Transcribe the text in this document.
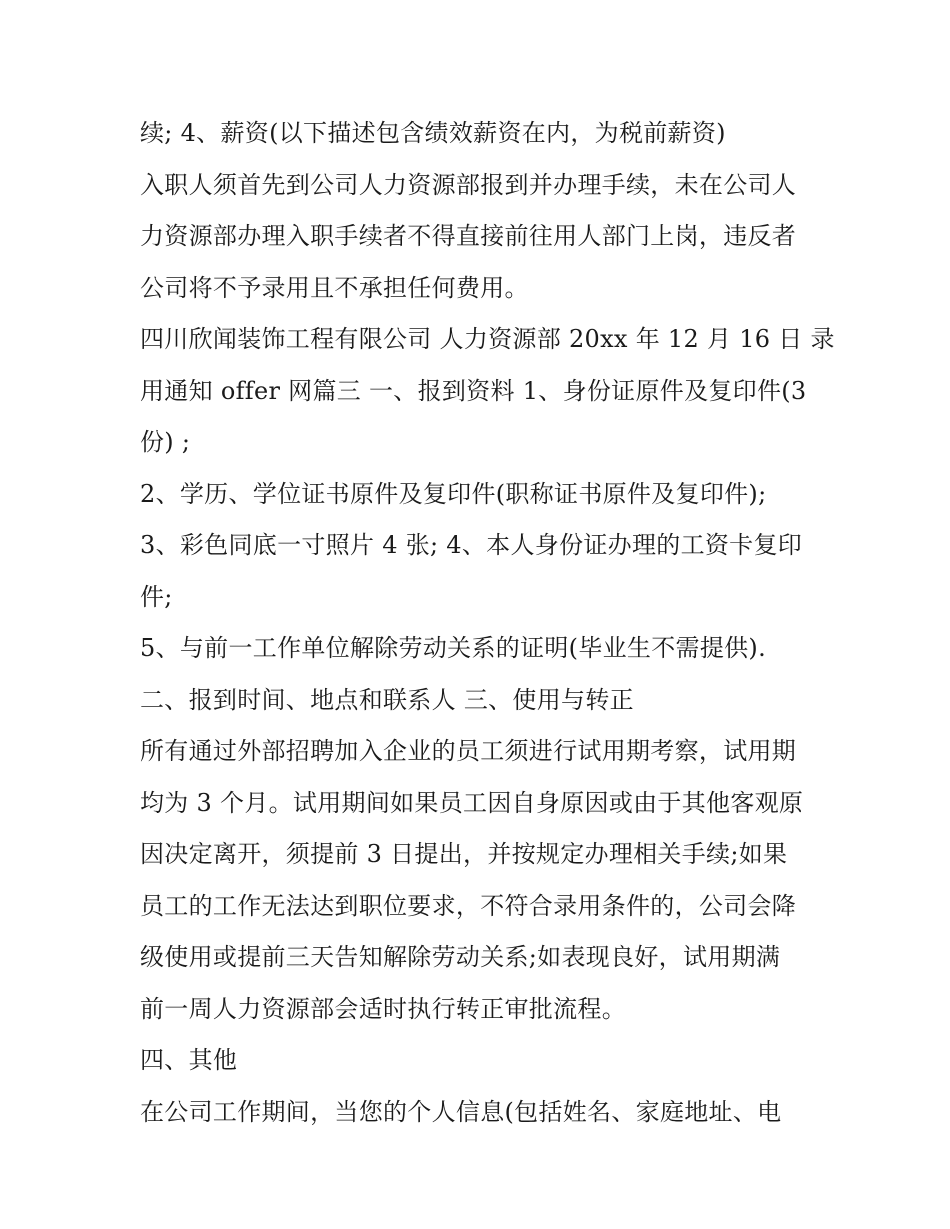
续; 4、薪资(以下描述包含绩效薪资在内，为税前薪资)
入职人须首先到公司人力资源部报到并办理手续，未在公司人
力资源部办理入职手续者不得直接前往用人部门上岗，违反者
公司将不予录用且不承担任何费用。
四川欣闻装饰工程有限公司 人力资源部 20xx 年 12 月 16 日 录
用通知 offer 网篇三 一、报到资料 1、身份证原件及复印件(3
份) ;
2、学历、学位证书原件及复印件(职称证书原件及复印件);
3、彩色同底一寸照片 4 张; 4、本人身份证办理的工资卡复印
件;
5、与前一工作单位解除劳动关系的证明(毕业生不需提供).
二、报到时间、地点和联系人 三、使用与转正
所有通过外部招聘加入企业的员工须进行试用期考察，试用期
均为 3 个月。试用期间如果员工因自身原因或由于其他客观原
因决定离开，须提前 3 日提出，并按规定办理相关手续;如果
员工的工作无法达到职位要求，不符合录用条件的，公司会降
级使用或提前三天告知解除劳动关系;如表现良好，试用期满
前一周人力资源部会适时执行转正审批流程。
四、其他
在公司工作期间，当您的个人信息(包括姓名、家庭地址、电
